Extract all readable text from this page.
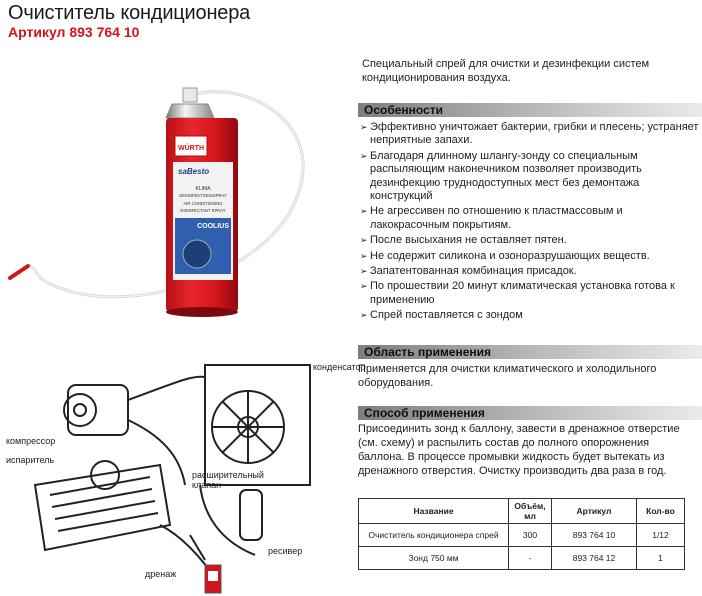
Очиститель кондиционера
Артикул 893 764 10
WÜRTH
saBesto
KLIMA
DESINFEKTIONSSPRAY
AIR CONDITIONING
DISINFECTANT SPRAY
COOLIUS
конденсатор
компрессор
испаритель
расширительный клапан
ресивер
дренаж
Специальный спрей для очистки и дезинфекции систем кондиционирования воздуха.
Особенности
➢ Эффективно уничтожает бактерии, грибки и плесень; устраняет неприятные запахи.
➢ Благодаря длинному шлангу-зонду со специальным распыляющим наконечником позволяет производить дезинфекцию труднодоступных мест без демонтажа конструкций
➢ Не агрессивен по отношению к пластмассовым и лакокрасочным покрытиям.
➢ После высыхания не оставляет пятен.
➢ Не содержит силикона и озоноразрушающих веществ.
➢ Запатентованная комбинация присадок.
➢ По прошествии 20 минут климатическая установка готова к применению
➢ Спрей поставляется с зондом
Область применения
Применяется для очистки климатического и холодильного оборудования.
Способ применения
Присоединить зонд к баллону, завести в дренажное отверстие (см. схему) и распылить состав до полного опорожнения баллона. В процессе промывки жидкость будет вытекать из дренажного отверстия. Очистку производить два раза в год.
Название	Объём, мл	Артикул	Кол-во
Очиститель кондиционера спрей	300	893 764 10	1/12
Зонд 750 мм	-	893 764 12	1
